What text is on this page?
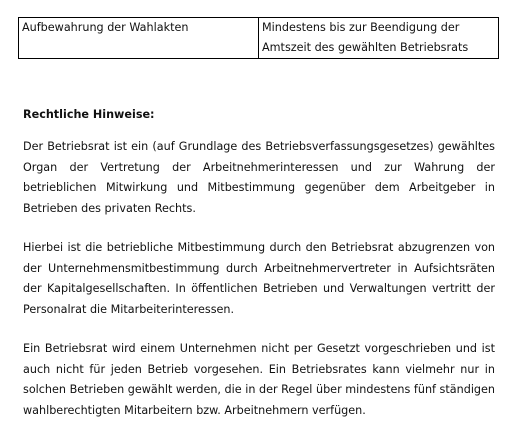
Aufbewahrung der Wahlakten	Mindestens bis zur Beendigung der Amtszeit des gewählten Betriebsrats

Rechtliche Hinweise:

Der Betriebsrat ist ein (auf Grundlage des Betriebsverfassungsgesetzes) gewähltes Organ der Vertretung der Arbeitnehmerinteressen und zur Wahrung der betrieblichen Mitwirkung und Mitbestimmung gegenüber dem Arbeitgeber in Betrieben des privaten Rechts.

Hierbei ist die betriebliche Mitbestimmung durch den Betriebsrat abzugrenzen von der Unternehmensmitbestimmung durch Arbeitnehmervertreter in Aufsichtsräten der Kapitalgesellschaften. In öffentlichen Betrieben und Verwaltungen vertritt der Personalrat die Mitarbeiterinteressen.

Ein Betriebsrat wird einem Unternehmen nicht per Gesetzt vorgeschrieben und ist auch nicht für jeden Betrieb vorgesehen. Ein Betriebsrates kann vielmehr nur in solchen Betrieben gewählt werden, die in der Regel über mindestens fünf ständigen wahlberechtigten Mitarbeitern bzw. Arbeitnehmern verfügen.
